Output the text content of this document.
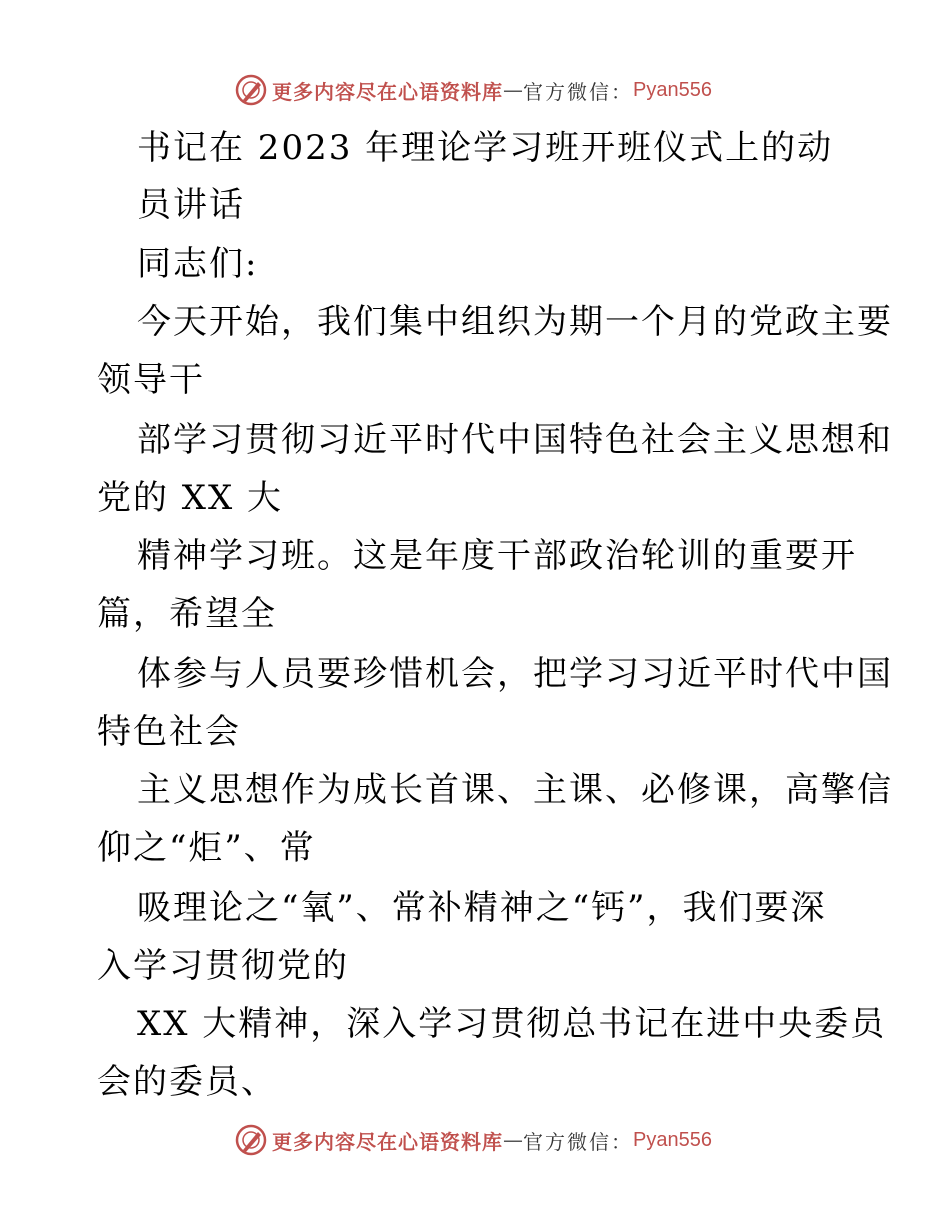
更多内容尽在心语资料库 — 官方微信： Pyan556
书记在 2023 年理论学习班开班仪式上的动
员讲话
同志们:
今天开始，我们集中组织为期一个月的党政主要
领导干
部学习贯彻习近平时代中国特色社会主义思想和
党的 XX 大
精神学习班。这是年度干部政治轮训的重要开
篇，希望全
体参与人员要珍惜机会，把学习习近平时代中国
特色社会
主义思想作为成长首课、主课、必修课，高擎信
仰之“炬”、常
吸理论之“氧”、常补精神之“钙”，我们要深
入学习贯彻党的
XX 大精神，深入学习贯彻总书记在进中央委员
会的委员、
更多内容尽在心语资料库 — 官方微信： Pyan556
